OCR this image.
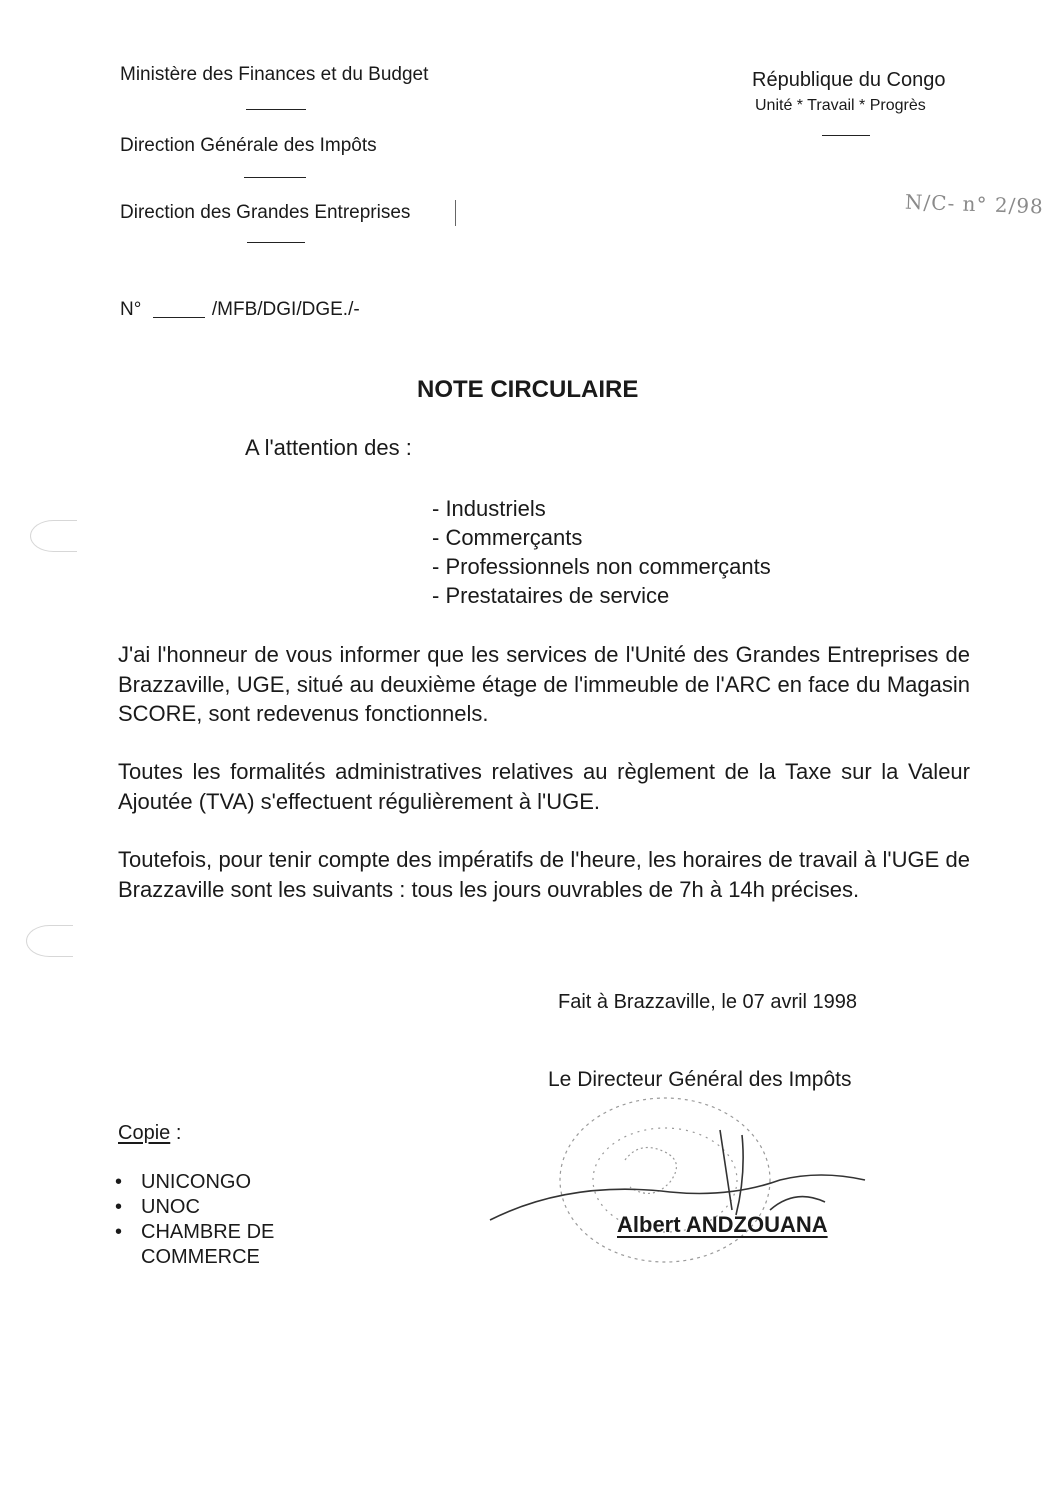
Ministère des Finances et du Budget
Direction Générale des Impôts
Direction des Grandes Entreprises
N°	/MFB/DGI/DGE./-
République du Congo
Unité * Travail * Progrès
N/C- n° 2/98
NOTE CIRCULAIRE
A l'attention des :
- Industriels
- Commerçants
- Professionnels non commerçants
- Prestataires de service
J'ai l'honneur de vous informer que les services de l'Unité des Grandes Entreprises de Brazzaville, UGE, situé au deuxième étage de l'immeuble de l'ARC en face du Magasin SCORE, sont redevenus fonctionnels.
Toutes les formalités administratives relatives au règlement de la Taxe sur la Valeur Ajoutée (TVA) s'effectuent régulièrement à l'UGE.
Toutefois, pour tenir compte des impératifs de l'heure, les horaires de travail à l'UGE de Brazzaville sont les suivants : tous les jours ouvrables de 7h à 14h précises.
Fait à Brazzaville, le 07 avril 1998
Le Directeur Général des Impôts
Albert ANDZOUANA
Copie :
• UNICONGO
• UNOC
• CHAMBRE DE COMMERCE
